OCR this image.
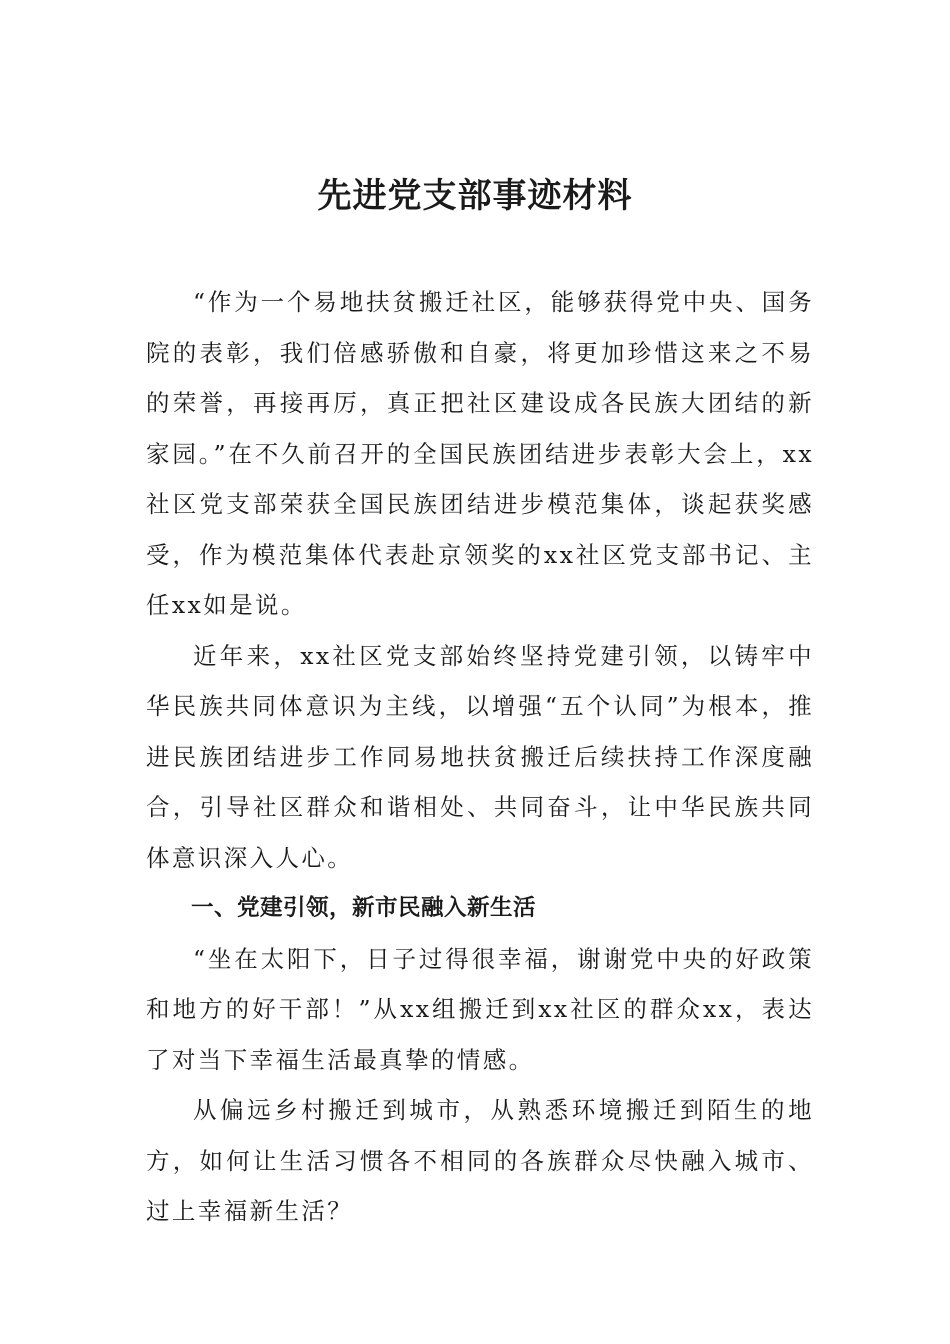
先进党支部事迹材料

“作为一个易地扶贫搬迁社区，能够获得党中央、国务院的表彰，我们倍感骄傲和自豪，将更加珍惜这来之不易的荣誉，再接再厉，真正把社区建设成各民族大团结的新家园。”在不久前召开的全国民族团结进步表彰大会上，xx社区党支部荣获全国民族团结进步模范集体，谈起获奖感受，作为模范集体代表赴京领奖的xx社区党支部书记、主任xx如是说。

近年来，xx社区党支部始终坚持党建引领，以铸牢中华民族共同体意识为主线，以增强“五个认同”为根本，推进民族团结进步工作同易地扶贫搬迁后续扶持工作深度融合，引导社区群众和谐相处、共同奋斗，让中华民族共同体意识深入人心。

一、党建引领，新市民融入新生活

“坐在太阳下，日子过得很幸福，谢谢党中央的好政策和地方的好干部！”从xx组搬迁到xx社区的群众xx，表达了对当下幸福生活最真挚的情感。

从偏远乡村搬迁到城市，从熟悉环境搬迁到陌生的地方，如何让生活习惯各不相同的各族群众尽快融入城市、过上幸福新生活？
